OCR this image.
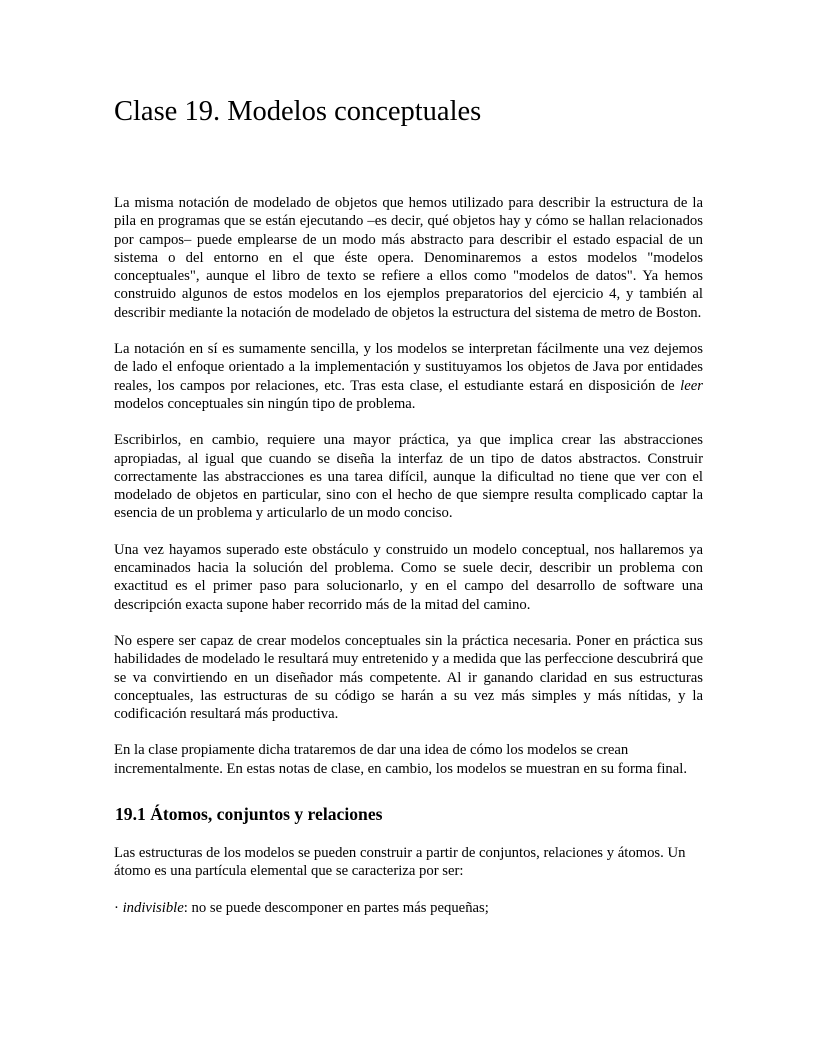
Clase 19. Modelos conceptuales

La misma notación de modelado de objetos que hemos utilizado para describir la estructura de la pila en programas que se están ejecutando –es decir, qué objetos hay y cómo se hallan relacionados por campos– puede emplearse de un modo más abstracto para describir el estado espacial de un sistema o del entorno en el que éste opera. Denominaremos a estos modelos "modelos conceptuales", aunque el libro de texto se refiere a ellos como "modelos de datos". Ya hemos construido algunos de estos modelos en los ejemplos preparatorios del ejercicio 4, y también al describir mediante la notación de modelado de objetos la estructura del sistema de metro de Boston.

La notación en sí es sumamente sencilla, y los modelos se interpretan fácilmente una vez dejemos de lado el enfoque orientado a la implementación y sustituyamos los objetos de Java por entidades reales, los campos por relaciones, etc. Tras esta clase, el estudiante estará en disposición de leer modelos conceptuales sin ningún tipo de problema.

Escribirlos, en cambio, requiere una mayor práctica, ya que implica crear las abstracciones apropiadas, al igual que cuando se diseña la interfaz de un tipo de datos abstractos. Construir correctamente las abstracciones es una tarea difícil, aunque la dificultad no tiene que ver con el modelado de objetos en particular, sino con el hecho de que siempre resulta complicado captar la esencia de un problema y articularlo de un modo conciso.

Una vez hayamos superado este obstáculo y construido un modelo conceptual, nos hallaremos ya encaminados hacia la solución del problema. Como se suele decir, describir un problema con exactitud es el primer paso para solucionarlo, y en el campo del desarrollo de software una descripción exacta supone haber recorrido más de la mitad del camino.

No espere ser capaz de crear modelos conceptuales sin la práctica necesaria. Poner en práctica sus habilidades de modelado le resultará muy entretenido y a medida que las perfeccione descubrirá que se va convirtiendo en un diseñador más competente. Al ir ganando claridad en sus estructuras conceptuales, las estructuras de su código se harán a su vez más simples y más nítidas, y la codificación resultará más productiva.

En la clase propiamente dicha trataremos de dar una idea de cómo los modelos se crean incrementalmente. En estas notas de clase, en cambio, los modelos se muestran en su forma final.

19.1 Átomos, conjuntos y relaciones

Las estructuras de los modelos se pueden construir a partir de conjuntos, relaciones y átomos. Un átomo es una partícula elemental que se caracteriza por ser:

· indivisible: no se puede descomponer en partes más pequeñas;
